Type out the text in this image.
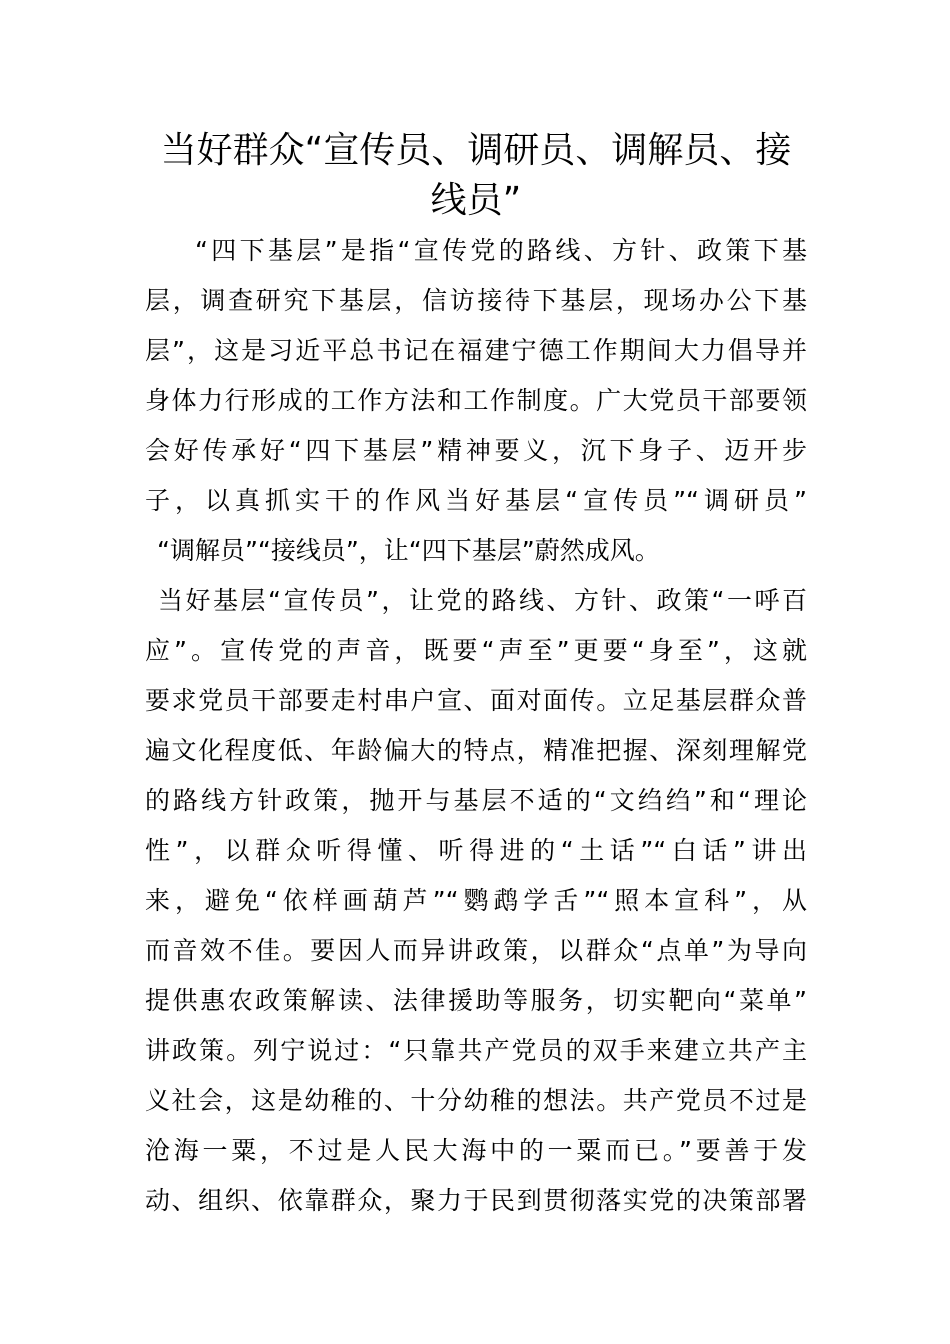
当好群众“宣传员、调研员、调解员、接
线员”
“四下基层”是指“宣传党的路线、方针、政策下基
层，调查研究下基层，信访接待下基层，现场办公下基
层”，这是习近平总书记在福建宁德工作期间大力倡导并
身体力行形成的工作方法和工作制度。广大党员干部要领
会好传承好“四下基层”精神要义，沉下身子、迈开步
子，以真抓实干的作风当好基层“宣传员”“调研员”
“调解员”“接线员”，让“四下基层”蔚然成风。
当好基层“宣传员”，让党的路线、方针、政策“一呼百
应”。宣传党的声音，既要“声至”更要“身至”，这就
要求党员干部要走村串户宣、面对面传。立足基层群众普
遍文化程度低、年龄偏大的特点，精准把握、深刻理解党
的路线方针政策，抛开与基层不适的“文绉绉”和“理论
性”，以群众听得懂、听得进的“土话”“白话”讲出
来，避免“依样画葫芦”“鹦鹉学舌”“照本宣科”，从
而音效不佳。要因人而异讲政策，以群众“点单”为导向
提供惠农政策解读、法律援助等服务，切实靶向“菜单”
讲政策。列宁说过：“只靠共产党员的双手来建立共产主
义社会，这是幼稚的、十分幼稚的想法。共产党员不过是
沧海一粟，不过是人民大海中的一粟而已。”要善于发
动、组织、依靠群众，聚力于民到贯彻落实党的决策部署
